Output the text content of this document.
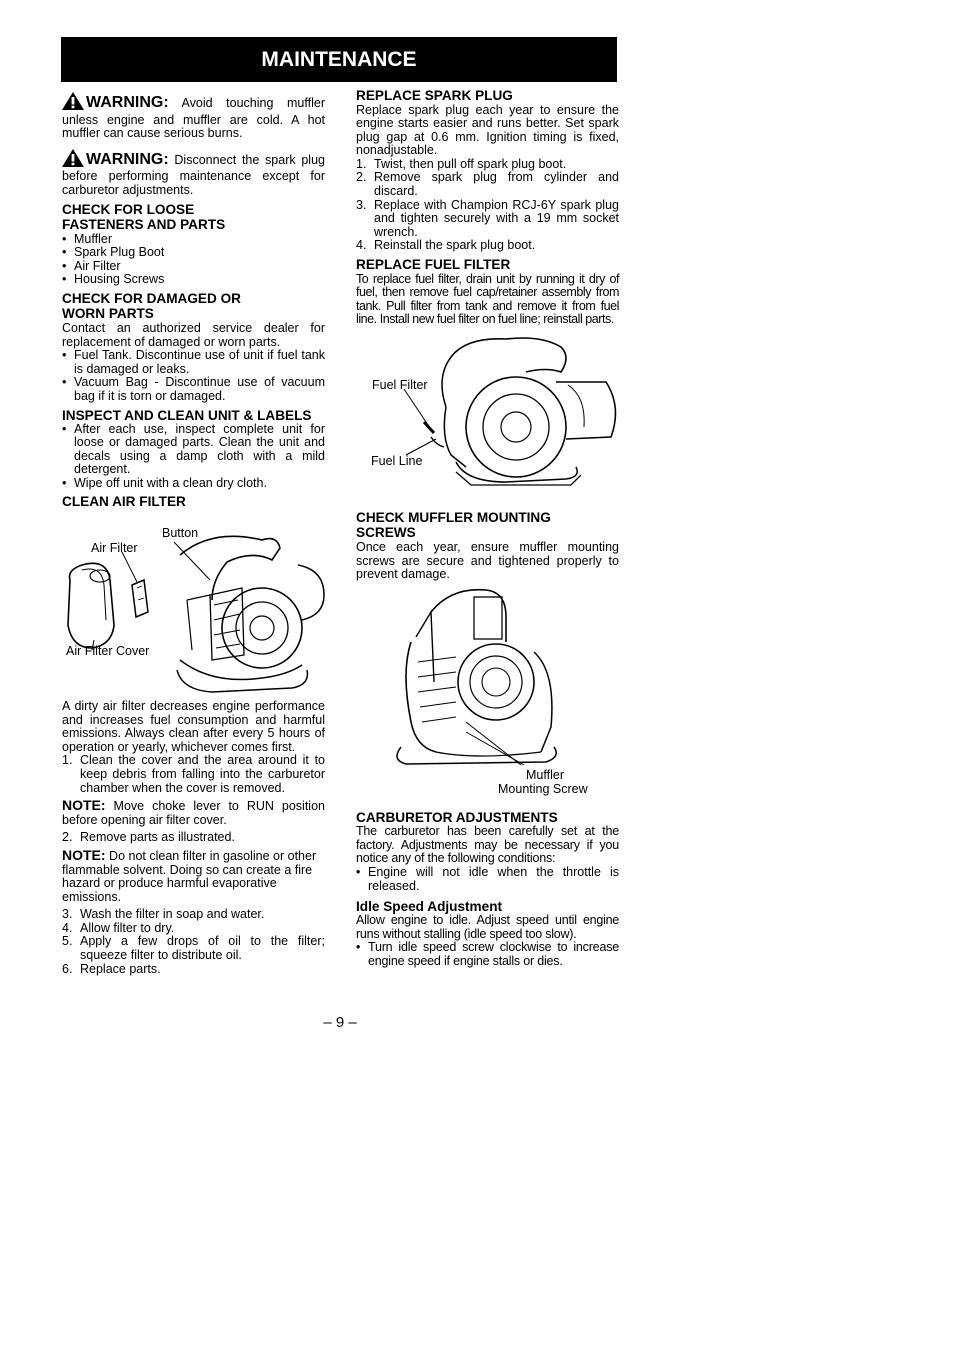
MAINTENANCE

WARNING: Avoid touching muffler unless engine and muffler are cold. A hot muffler can cause serious burns.

WARNING: Disconnect the spark plug before performing maintenance except for carburetor adjustments.

CHECK FOR LOOSE
FASTENERS AND PARTS
• Muffler
• Spark Plug Boot
• Air Filter
• Housing Screws
CHECK FOR DAMAGED OR
WORN PARTS

Contact an authorized service dealer for replacement of damaged or worn parts.

• Fuel Tank. Discontinue use of unit if fuel tank is damaged or leaks.
• Vacuum Bag - Discontinue use of vacuum bag if it is torn or damaged.
INSPECT AND CLEAN UNIT & LABELS
• After each use, inspect complete unit for loose or damaged parts. Clean the unit and decals using a damp cloth with a mild detergent.
• Wipe off unit with a clean dry cloth.
CLEAN AIR FILTER
Button
Air Filter
Air Filter Cover

A dirty air filter decreases engine performance and increases fuel consumption and harmful emissions. Always clean after every 5 hours of operation or yearly, whichever comes first.

1. Clean the cover and the area around it to keep debris from falling into the carburetor chamber when the cover is removed.

NOTE: Move choke lever to RUN position before opening air filter cover.

2. Remove parts as illustrated.

NOTE: Do not clean filter in gasoline or other flammable solvent. Doing so can create a fire hazard or produce harmful evaporative emissions.

3. Wash the filter in soap and water.
4. Allow filter to dry.
5. Apply a few drops of oil to the filter; squeeze filter to distribute oil.
6. Replace parts.
REPLACE SPARK PLUG

Replace spark plug each year to ensure the engine starts easier and runs better. Set spark plug gap at 0.6 mm. Ignition timing is fixed, nonadjustable.

1. Twist, then pull off spark plug boot.
2. Remove spark plug from cylinder and discard.
3. Replace with Champion RCJ-6Y spark plug and tighten securely with a 19 mm socket wrench.
4. Reinstall the spark plug boot.
REPLACE FUEL FILTER

To replace fuel filter, drain unit by running it dry of fuel, then remove fuel cap/retainer assembly from tank. Pull filter from tank and remove it from fuel line. Install new fuel filter on fuel line; reinstall parts.

Fuel Filter
Fuel Line
CHECK MUFFLER MOUNTING
SCREWS

Once each year, ensure muffler mounting screws are secure and tightened properly to prevent damage.

Muffler
Mounting Screw
CARBURETOR ADJUSTMENTS

The carburetor has been carefully set at the factory. Adjustments may be necessary if you notice any of the following conditions:

• Engine will not idle when the throttle is released.
Idle Speed Adjustment

Allow engine to idle. Adjust speed until engine runs without stalling (idle speed too slow).

• Turn idle speed screw clockwise to increase engine speed if engine stalls or dies.
– 9 –
